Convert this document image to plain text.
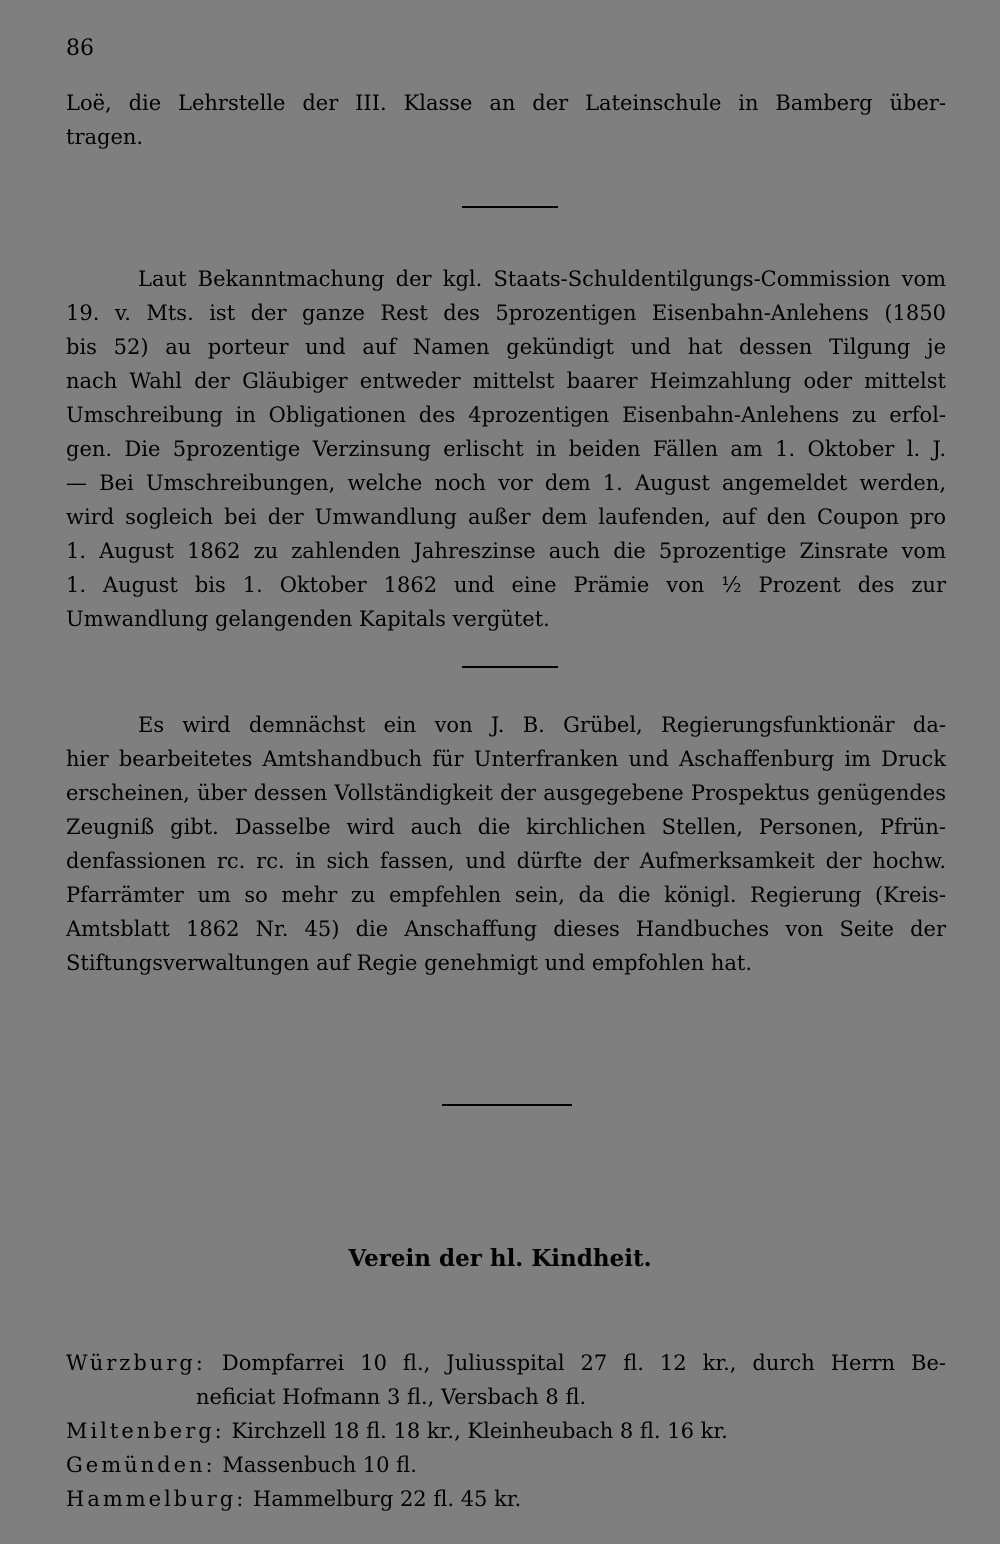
86
Loë, die Lehrstelle der III. Klasse an der Lateinschule in Bamberg über-
tragen.
Laut Bekanntmachung der kgl. Staats-Schuldentilgungs-Commission vom
19. v. Mts. ist der ganze Rest des 5prozentigen Eisenbahn-Anlehens (1850
bis 52) au porteur und auf Namen gekündigt und hat dessen Tilgung je
nach Wahl der Gläubiger entweder mittelst baarer Heimzahlung oder mittelst
Umschreibung in Obligationen des 4prozentigen Eisenbahn-Anlehens zu erfol-
gen. Die 5prozentige Verzinsung erlischt in beiden Fällen am 1. Oktober l. J.
— Bei Umschreibungen, welche noch vor dem 1. August angemeldet werden,
wird sogleich bei der Umwandlung außer dem laufenden, auf den Coupon pro
1. August 1862 zu zahlenden Jahreszinse auch die 5prozentige Zinsrate vom
1. August bis 1. Oktober 1862 und eine Prämie von ½ Prozent des zur
Umwandlung gelangenden Kapitals vergütet.
Es wird demnächst ein von J. B. Grübel, Regierungsfunktionär da-
hier bearbeitetes Amtshandbuch für Unterfranken und Aschaffenburg im Druck
erscheinen, über dessen Vollständigkeit der ausgegebene Prospektus genügendes
Zeugniß gibt. Dasselbe wird auch die kirchlichen Stellen, Personen, Pfrün-
denfassionen rc. rc. in sich fassen, und dürfte der Aufmerksamkeit der hochw.
Pfarrämter um so mehr zu empfehlen sein, da die königl. Regierung (Kreis-
Amtsblatt 1862 Nr. 45) die Anschaffung dieses Handbuches von Seite der
Stiftungsverwaltungen auf Regie genehmigt und empfohlen hat.
Verein der hl. Kindheit.
Würzburg: Dompfarrei 10 fl., Juliusspital 27 fl. 12 kr., durch Herrn Be-
neficiat Hofmann 3 fl., Versbach 8 fl.
Miltenberg: Kirchzell 18 fl. 18 kr., Kleinheubach 8 fl. 16 kr.
Gemünden: Massenbuch 10 fl.
Hammelburg: Hammelburg 22 fl. 45 kr.
